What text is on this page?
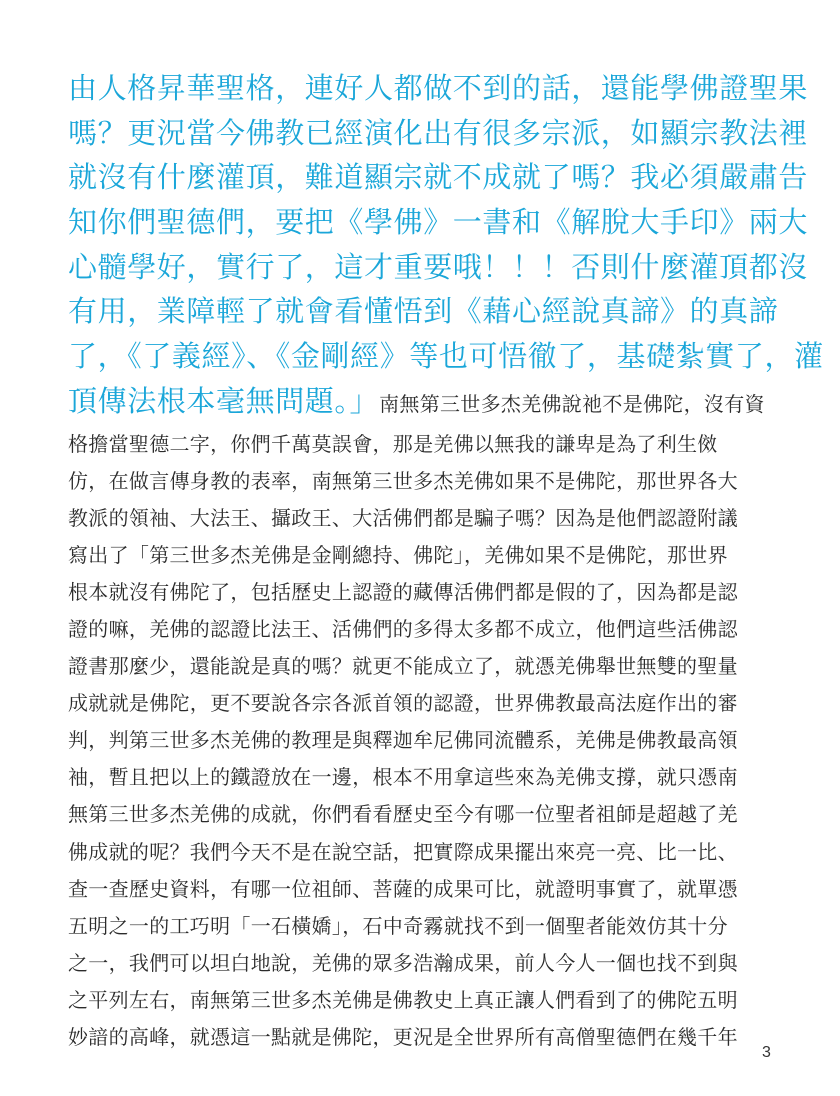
由人格昇華聖格，連好人都做不到的話，還能學佛證聖果
嗎？更況當今佛教已經演化出有很多宗派，如顯宗教法裡
就沒有什麼灌頂，難道顯宗就不成就了嗎？我必須嚴肅告
知你們聖德們，要把《學佛》一書和《解脫大手印》兩大
心髓學好，實行了，這才重要哦！！！否則什麼灌頂都沒
有用，業障輕了就會看懂悟到《藉心經說真諦》的真諦
了，《了義經》、《金剛經》等也可悟徹了，基礎紮實了，灌
頂傳法根本毫無問題。」南無第三世多杰羌佛說祂不是佛陀，沒有資
格擔當聖德二字，你們千萬莫誤會，那是羌佛以無我的謙卑是為了利生傚
仿，在做言傳身教的表率，南無第三世多杰羌佛如果不是佛陀，那世界各大
教派的領袖、大法王、攝政王、大活佛們都是騙子嗎？因為是他們認證附議
寫出了「第三世多杰羌佛是金剛總持、佛陀」，羌佛如果不是佛陀，那世界
根本就沒有佛陀了，包括歷史上認證的藏傳活佛們都是假的了，因為都是認
證的嘛，羌佛的認證比法王、活佛們的多得太多都不成立，他們這些活佛認
證書那麼少，還能說是真的嗎？就更不能成立了，就憑羌佛舉世無雙的聖量
成就就是佛陀，更不要說各宗各派首領的認證，世界佛教最高法庭作出的審
判，判第三世多杰羌佛的教理是與釋迦牟尼佛同流體系，羌佛是佛教最高領
袖，暫且把以上的鐵證放在一邊，根本不用拿這些來為羌佛支撐，就只憑南
無第三世多杰羌佛的成就，你們看看歷史至今有哪一位聖者祖師是超越了羌
佛成就的呢？我們今天不是在說空話，把實際成果擺出來亮一亮、比一比、
查一查歷史資料，有哪一位祖師、菩薩的成果可比，就證明事實了，就單憑
五明之一的工巧明「一石橫嬌」，石中奇霧就找不到一個聖者能效仿其十分
之一，我們可以坦白地說，羌佛的眾多浩瀚成果，前人今人一個也找不到與
之平列左右，南無第三世多杰羌佛是佛教史上真正讓人們看到了的佛陀五明
妙諳的高峰，就憑這一點就是佛陀，更況是全世界所有高僧聖德們在幾千年
3
